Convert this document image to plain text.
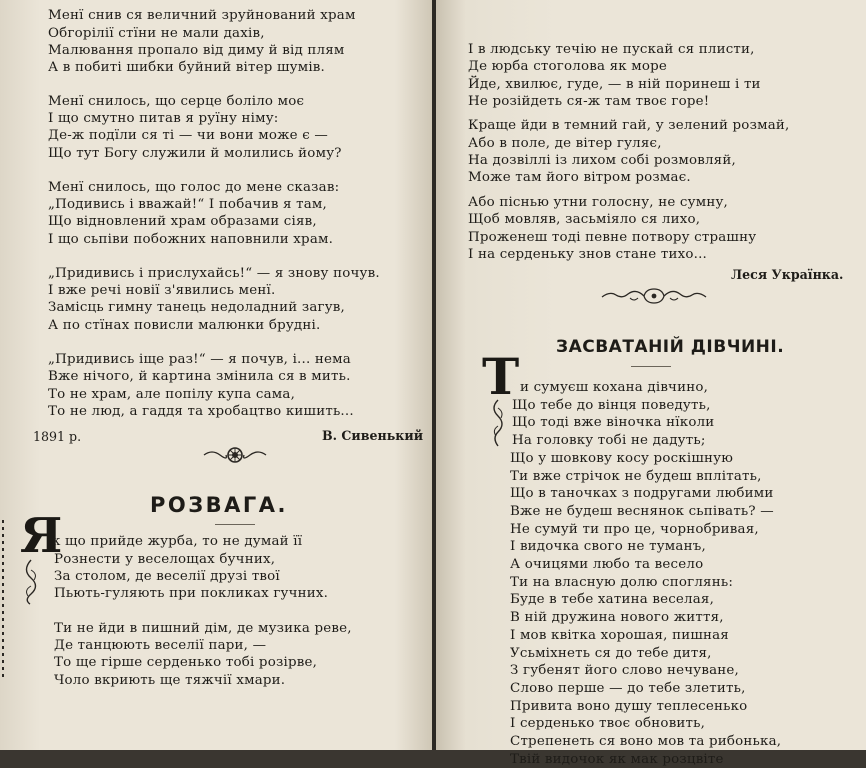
Менї снив ся величний зруйнований храм
Обгорілії стїни не мали дахів,
Малювання пропало від диму й від плям
А в побиті шибки буйний вітер шумів.
Менї снилось, що серце боліло моє
І що смутно питав я руїну німу:
Де-ж подїли ся ті — чи вони може є —
Що тут Богу служили й молились йому?
Менї снилось, що голос до мене сказав:
„Подивись і вважай!“ І побачив я там,
Що відновлений храм образами сіяв,
І що сьпіви побожних наповнили храм.
„Придивись і прислухайсь!“ — я знову почув.
І вже речі новії з'явились менї.
Замісць гимну танець недоладний загув,
А по стїнах повисли малюнки брудні.
„Придивись іще раз!“ — я почув, і... нема
Вже нічого, й картина змінила ся в мить.
То не храм, але попілу купа сама,
То не люд, а гаддя та хробацтво кишить...
1891 р.	В. Сивенький
РОЗВАГА.
Я
к що прийде журба, то не думай її
Рознести у веселощах бучних,
За столом, де веселії друзі твої
Пьють-гуляють при покликах гучних.
Ти не йди в пишний дім, де музика реве,
Де танцюють веселії пари, —
То ще гірше серденько тобі розірве,
Чоло вкриють ще тяжчії хмари.
І в людську течію не пускай ся плисти,
Де юрба стоголова як море
Йде, хвилює, гуде, — в ній поринеш і ти
Не розійдеть ся-ж там твоє горе!
Краще йди в темний гай, у зелений розмай,
Або в поле, де вітер гуляє,
На дозвіллі із лихом собі розмовляй,
Може там його вітром розмає.
Або піснью утни голосну, не сумну,
Щоб мовляв, засьміяло ся лихо,
Проженеш тоді певне потвору страшну
І на серденьку знов стане тихо...
Леся Українка.
ЗАСВАТАНІЙ ДІВЧИНІ.
Т и сумуєш кохана дівчино,
Що тебе до вінця поведуть,
Що тоді вже віночка нїколи
На головку тобі не дадуть;
Що у шовкову косу роскішную
Ти вже стрічок не будеш вплітать,
Що в таночках з подругами любими
Вже не будеш веснянок сьпівать? —
Не сумуй ти про це, чорнобривая,
І видочка свого не туманъ,
А очицями любо та весело
Ти на власную долю споглянь:
Буде в тебе хатина веселая,
В ній дружина нового життя,
І мов квітка хорошая, пишная
Усьміхнеть ся до тебе дитя,
З губенят його слово нечуване,
Слово перше — до тебе злетить,
Привита воно душу теплесенько
І серденько твоє обновить,
Стрепенеть ся воно мов та рибонька,
Твій видочок як мак розцвіте
